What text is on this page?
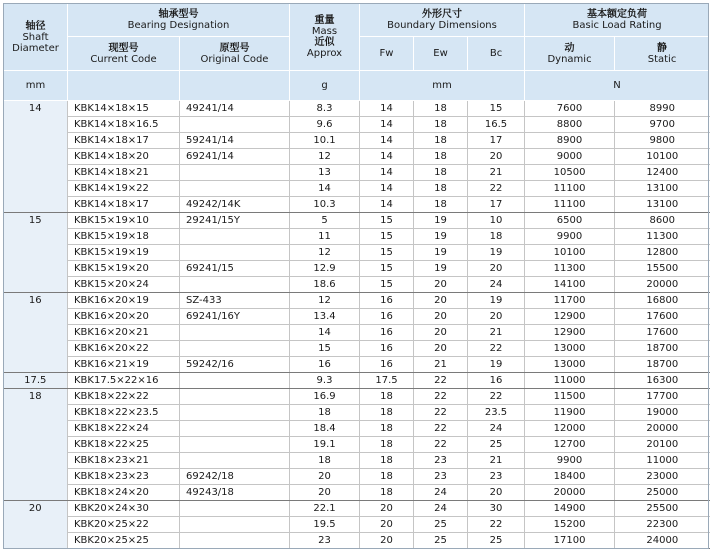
轴径
Shaft
Diameter	轴承型号
Bearing Designation		重量
Mass
近似
Approx	外形尺寸
Boundary Dimensions			基本额定负荷
Basic Load Rating	

	现型号
Current Code	原型号
Original Code		Fw	Ew	Bc	动
Dynamic	静
Static

mm			g	mm			N	
14	KBK14×18×15	49241/14	8.3	14	18	15	7600	8990
	KBK14×18×16.5		9.6	14	18	16.5	8800	9700
	KBK14×18×17	59241/14	10.1	14	18	17	8900	9800
	KBK14×18×20	69241/14	12	14	18	20	9000	10100
	KBK14×18×21		13	14	18	21	10500	12400
	KBK14×19×22		14	14	18	22	11100	13100
	KBK14×18×17	49242/14K	10.3	14	18	17	11100	13100
15	KBK15×19×10	29241/15Y	5	15	19	10	6500	8600
	KBK15×19×18		11	15	19	18	9900	11300
	KBK15×19×19		12	15	19	19	10100	12800
	KBK15×19×20	69241/15	12.9	15	19	20	11300	15500
	KBK15×20×24		18.6	15	20	24	14100	20000
16	KBK16×20×19	SZ-433	12	16	20	19	11700	16800
	KBK16×20×20	69241/16Y	13.4	16	20	20	12900	17600
	KBK16×20×21		14	16	20	21	12900	17600
	KBK16×20×22		15	16	20	22	13000	18700
	KBK16×21×19	59242/16	16	16	21	19	13000	18700
17.5	KBK17.5×22×16		9.3	17.5	22	16	11000	16300
18	KBK18×22×22		16.9	18	22	22	11500	17700
	KBK18×22×23.5		18	18	22	23.5	11900	19000
	KBK18×22×24		18.4	18	22	24	12000	20000
	KBK18×22×25		19.1	18	22	25	12700	20100
	KBK18×23×21		18	18	23	21	9900	11000
	KBK18×23×23	69242/18	20	18	23	23	18400	23000
	KBK18×24×20	49243/18	20	18	24	20	20000	25000
20	KBK20×24×30		22.1	20	24	30	14900	25500
	KBK20×25×22		19.5	20	25	22	15200	22300
	KBK20×25×25		23	20	25	25	17100	24000
